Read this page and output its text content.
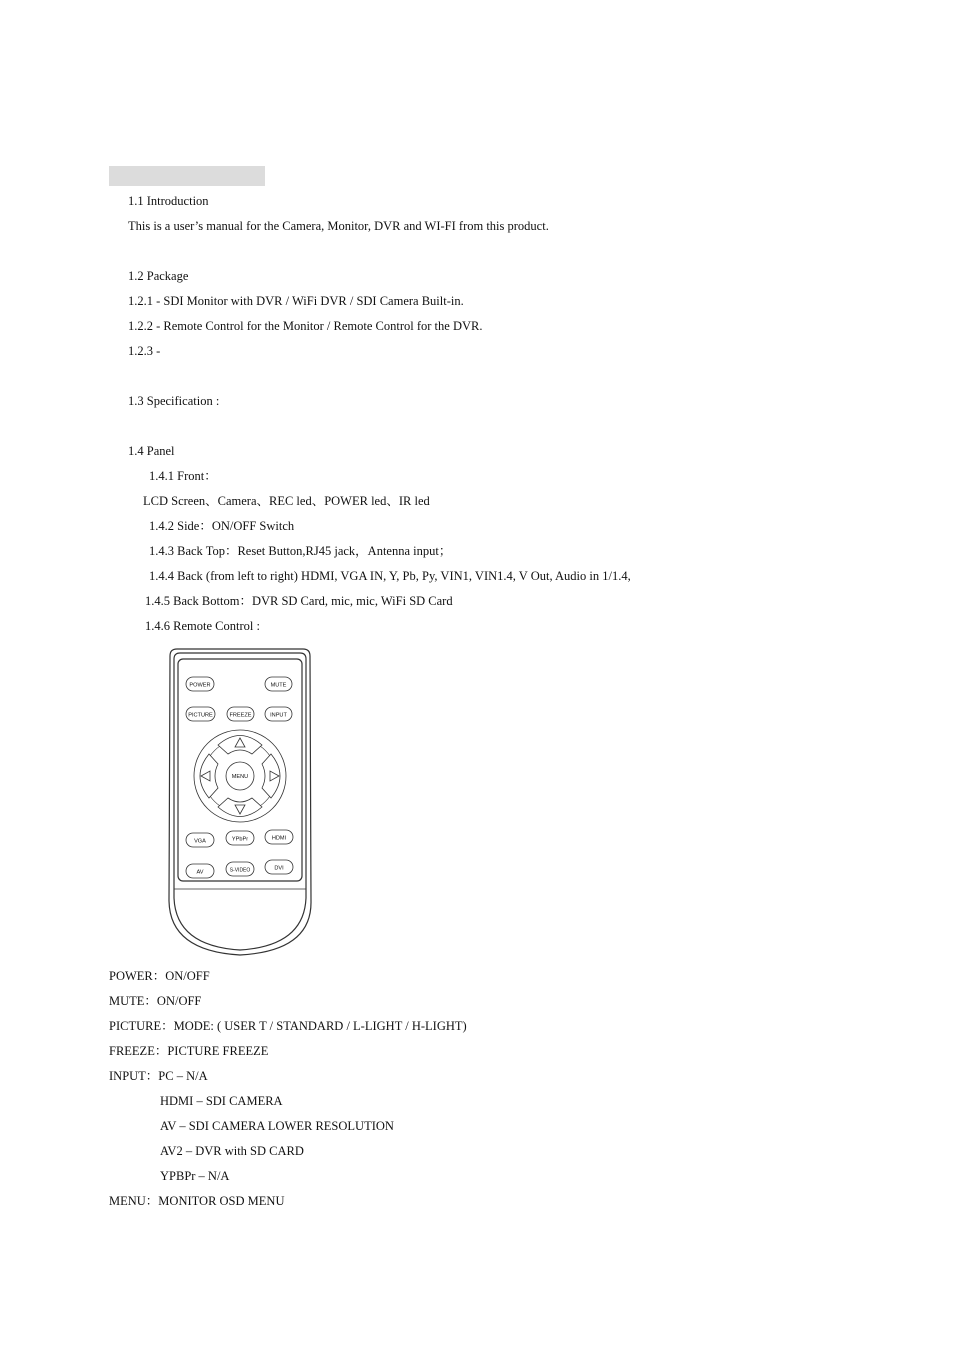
1.1 Introduction
This is a user’s manual for the Camera, Monitor, DVR and WI-FI from this product.
1.2 Package
1.2.1 - SDI Monitor with DVR / WiFi DVR / SDI Camera Built-in.
1.2.2 - Remote Control for the Monitor / Remote Control for the DVR.
1.2.3 -
1.3 Specification :
1.4 Panel
1.4.1 Front：
LCD Screen、Camera、REC led、POWER led、IR led
1.4.2 Side：ON/OFF Switch
1.4.3 Back Top：Reset Button,RJ45 jack，Antenna input；
1.4.4 Back (from left to right) HDMI, VGA IN, Y, Pb, Py, VIN1, VIN1.4, V Out, Audio in 1/1.4,
1.4.5 Back Bottom：DVR SD Card, mic, mic, WiFi SD Card
1.4.6 Remote Control :
POWER	MUTE
PICTURE	FREEZE	INPUT
MENU
VGA	YPbPr	HDMI
AV	S-VIDEO	DVI
POWER：ON/OFF
MUTE：ON/OFF
PICTURE：MODE: ( USER T / STANDARD / L-LIGHT / H-LIGHT)
FREEZE：PICTURE FREEZE
INPUT：PC – N/A
HDMI – SDI CAMERA
AV – SDI CAMERA LOWER RESOLUTION
AV2 – DVR with SD CARD
YPBPr – N/A
MENU：MONITOR OSD MENU
